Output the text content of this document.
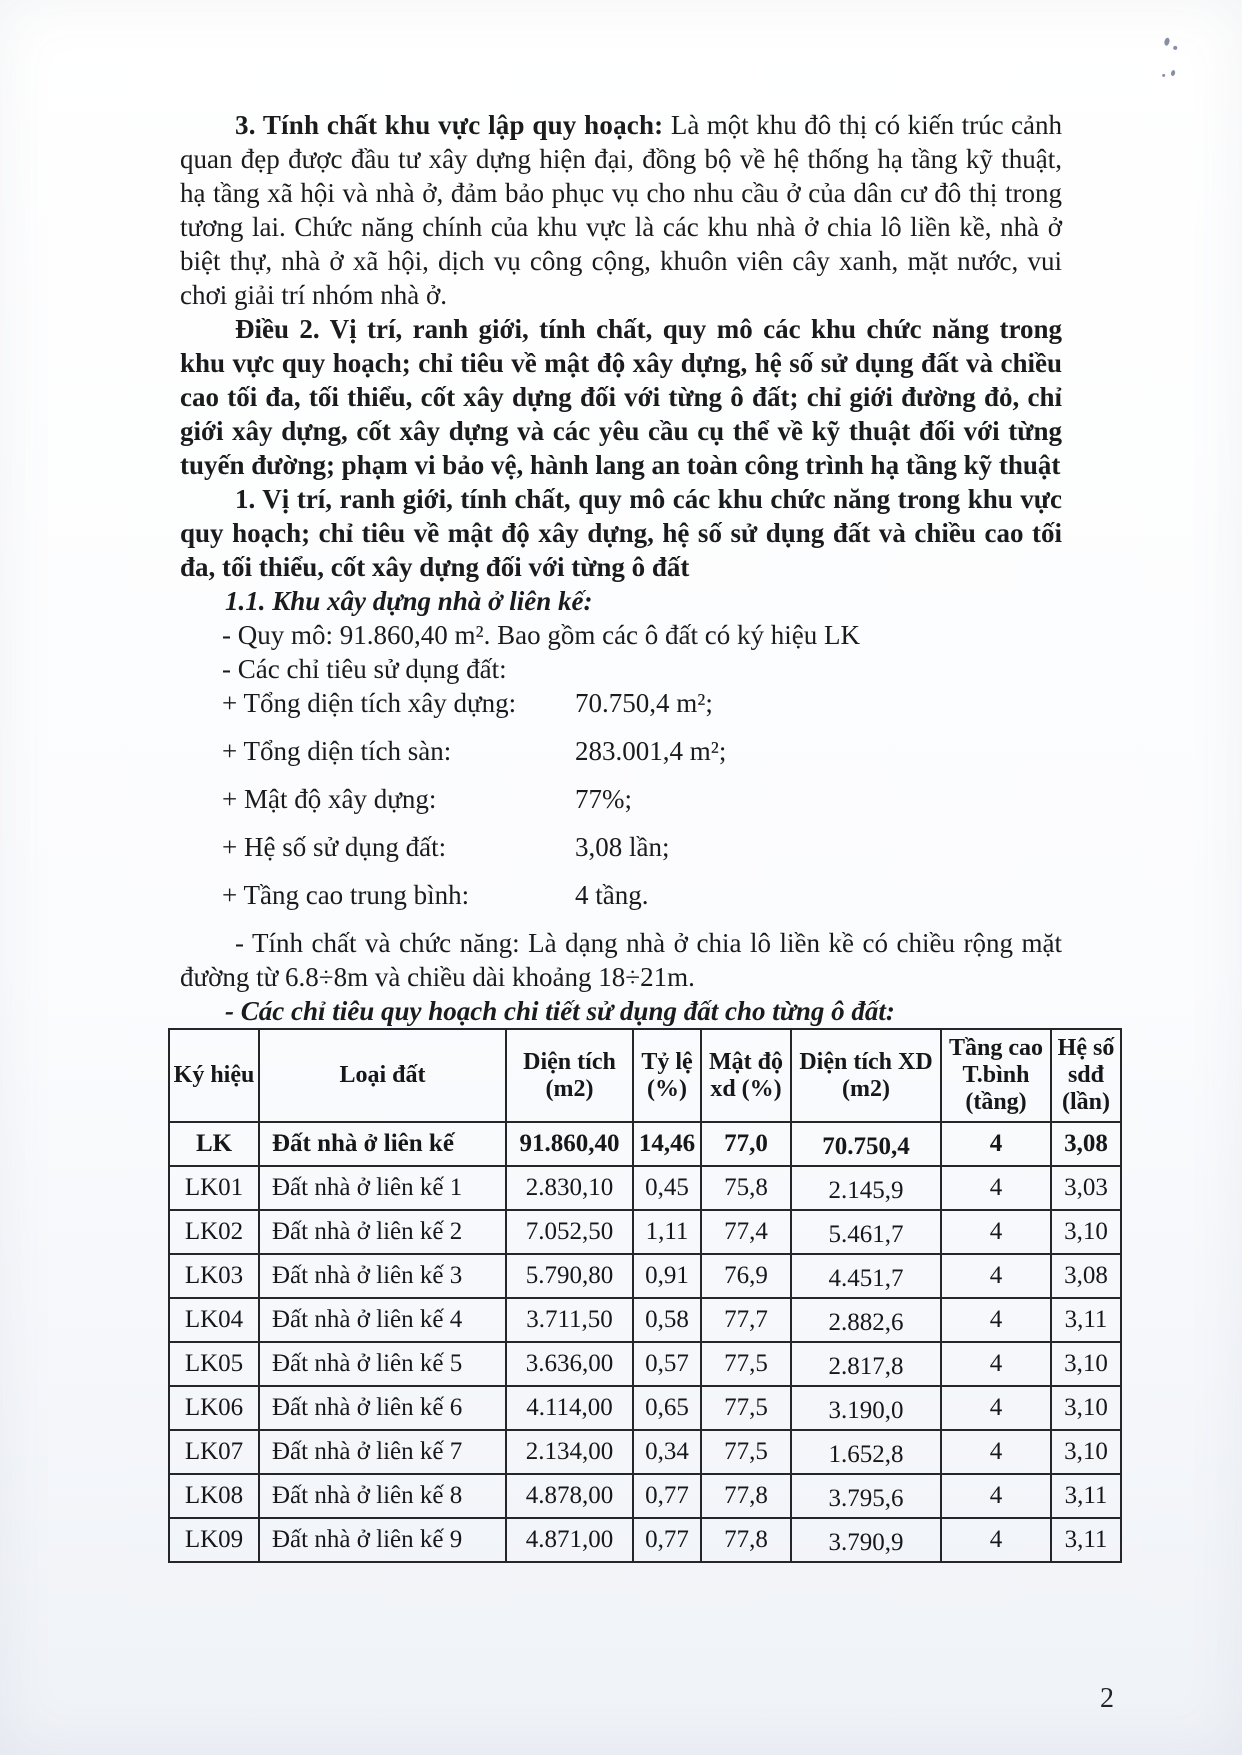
3. Tính chất khu vực lập quy hoạch: Là một khu đô thị có kiến trúc cảnh quan đẹp được đầu tư xây dựng hiện đại, đồng bộ về hệ thống hạ tầng kỹ thuật, hạ tầng xã hội và nhà ở, đảm bảo phục vụ cho nhu cầu ở của dân cư đô thị trong tương lai. Chức năng chính của khu vực là các khu nhà ở chia lô liền kề, nhà ở biệt thự, nhà ở xã hội, dịch vụ công cộng, khuôn viên cây xanh, mặt nước, vui chơi giải trí nhóm nhà ở.

Điều 2. Vị trí, ranh giới, tính chất, quy mô các khu chức năng trong khu vực quy hoạch; chỉ tiêu về mật độ xây dựng, hệ số sử dụng đất và chiều cao tối đa, tối thiểu, cốt xây dựng đối với từng ô đất; chỉ giới đường đỏ, chỉ giới xây dựng, cốt xây dựng và các yêu cầu cụ thể về kỹ thuật đối với từng tuyến đường; phạm vi bảo vệ, hành lang an toàn công trình hạ tầng kỹ thuật

1. Vị trí, ranh giới, tính chất, quy mô các khu chức năng trong khu vực quy hoạch; chỉ tiêu về mật độ xây dựng, hệ số sử dụng đất và chiều cao tối đa, tối thiểu, cốt xây dựng đối với từng ô đất

1.1. Khu xây dựng nhà ở liên kế:

- Quy mô: 91.860,40 m². Bao gồm các ô đất có ký hiệu LK

- Các chỉ tiêu sử dụng đất:

+ Tổng diện tích xây dựng:	70.750,4 m²;
+ Tổng diện tích sàn:	283.001,4 m²;
+ Mật độ xây dựng:	77%;
+ Hệ số sử dụng đất:	3,08 lần;
+ Tầng cao trung bình:	4 tầng.

- Tính chất và chức năng: Là dạng nhà ở chia lô liền kề có chiều rộng mặt đường từ 6.8÷8m và chiều dài khoảng 18÷21m.

- Các chỉ tiêu quy hoạch chi tiết sử dụng đất cho từng ô đất:

Ký hiệu	Loại đất	Diện tích (m2)	Tỷ lệ (%)	Mật độ xd (%)	Diện tích XD (m2)	Tầng cao T.bình (tầng)	Hệ số sdđ (lần)
LK	Đất nhà ở liên kế	91.860,40	14,46	77,0	70.750,4	4	3,08
LK01	Đất nhà ở liên kế 1	2.830,10	0,45	75,8	2.145,9	4	3,03
LK02	Đất nhà ở liên kế 2	7.052,50	1,11	77,4	5.461,7	4	3,10
LK03	Đất nhà ở liên kế 3	5.790,80	0,91	76,9	4.451,7	4	3,08
LK04	Đất nhà ở liên kế 4	3.711,50	0,58	77,7	2.882,6	4	3,11
LK05	Đất nhà ở liên kế 5	3.636,00	0,57	77,5	2.817,8	4	3,10
LK06	Đất nhà ở liên kế 6	4.114,00	0,65	77,5	3.190,0	4	3,10
LK07	Đất nhà ở liên kế 7	2.134,00	0,34	77,5	1.652,8	4	3,10
LK08	Đất nhà ở liên kế 8	4.878,00	0,77	77,8	3.795,6	4	3,11
LK09	Đất nhà ở liên kế 9	4.871,00	0,77	77,8	3.790,9	4	3,11
2
